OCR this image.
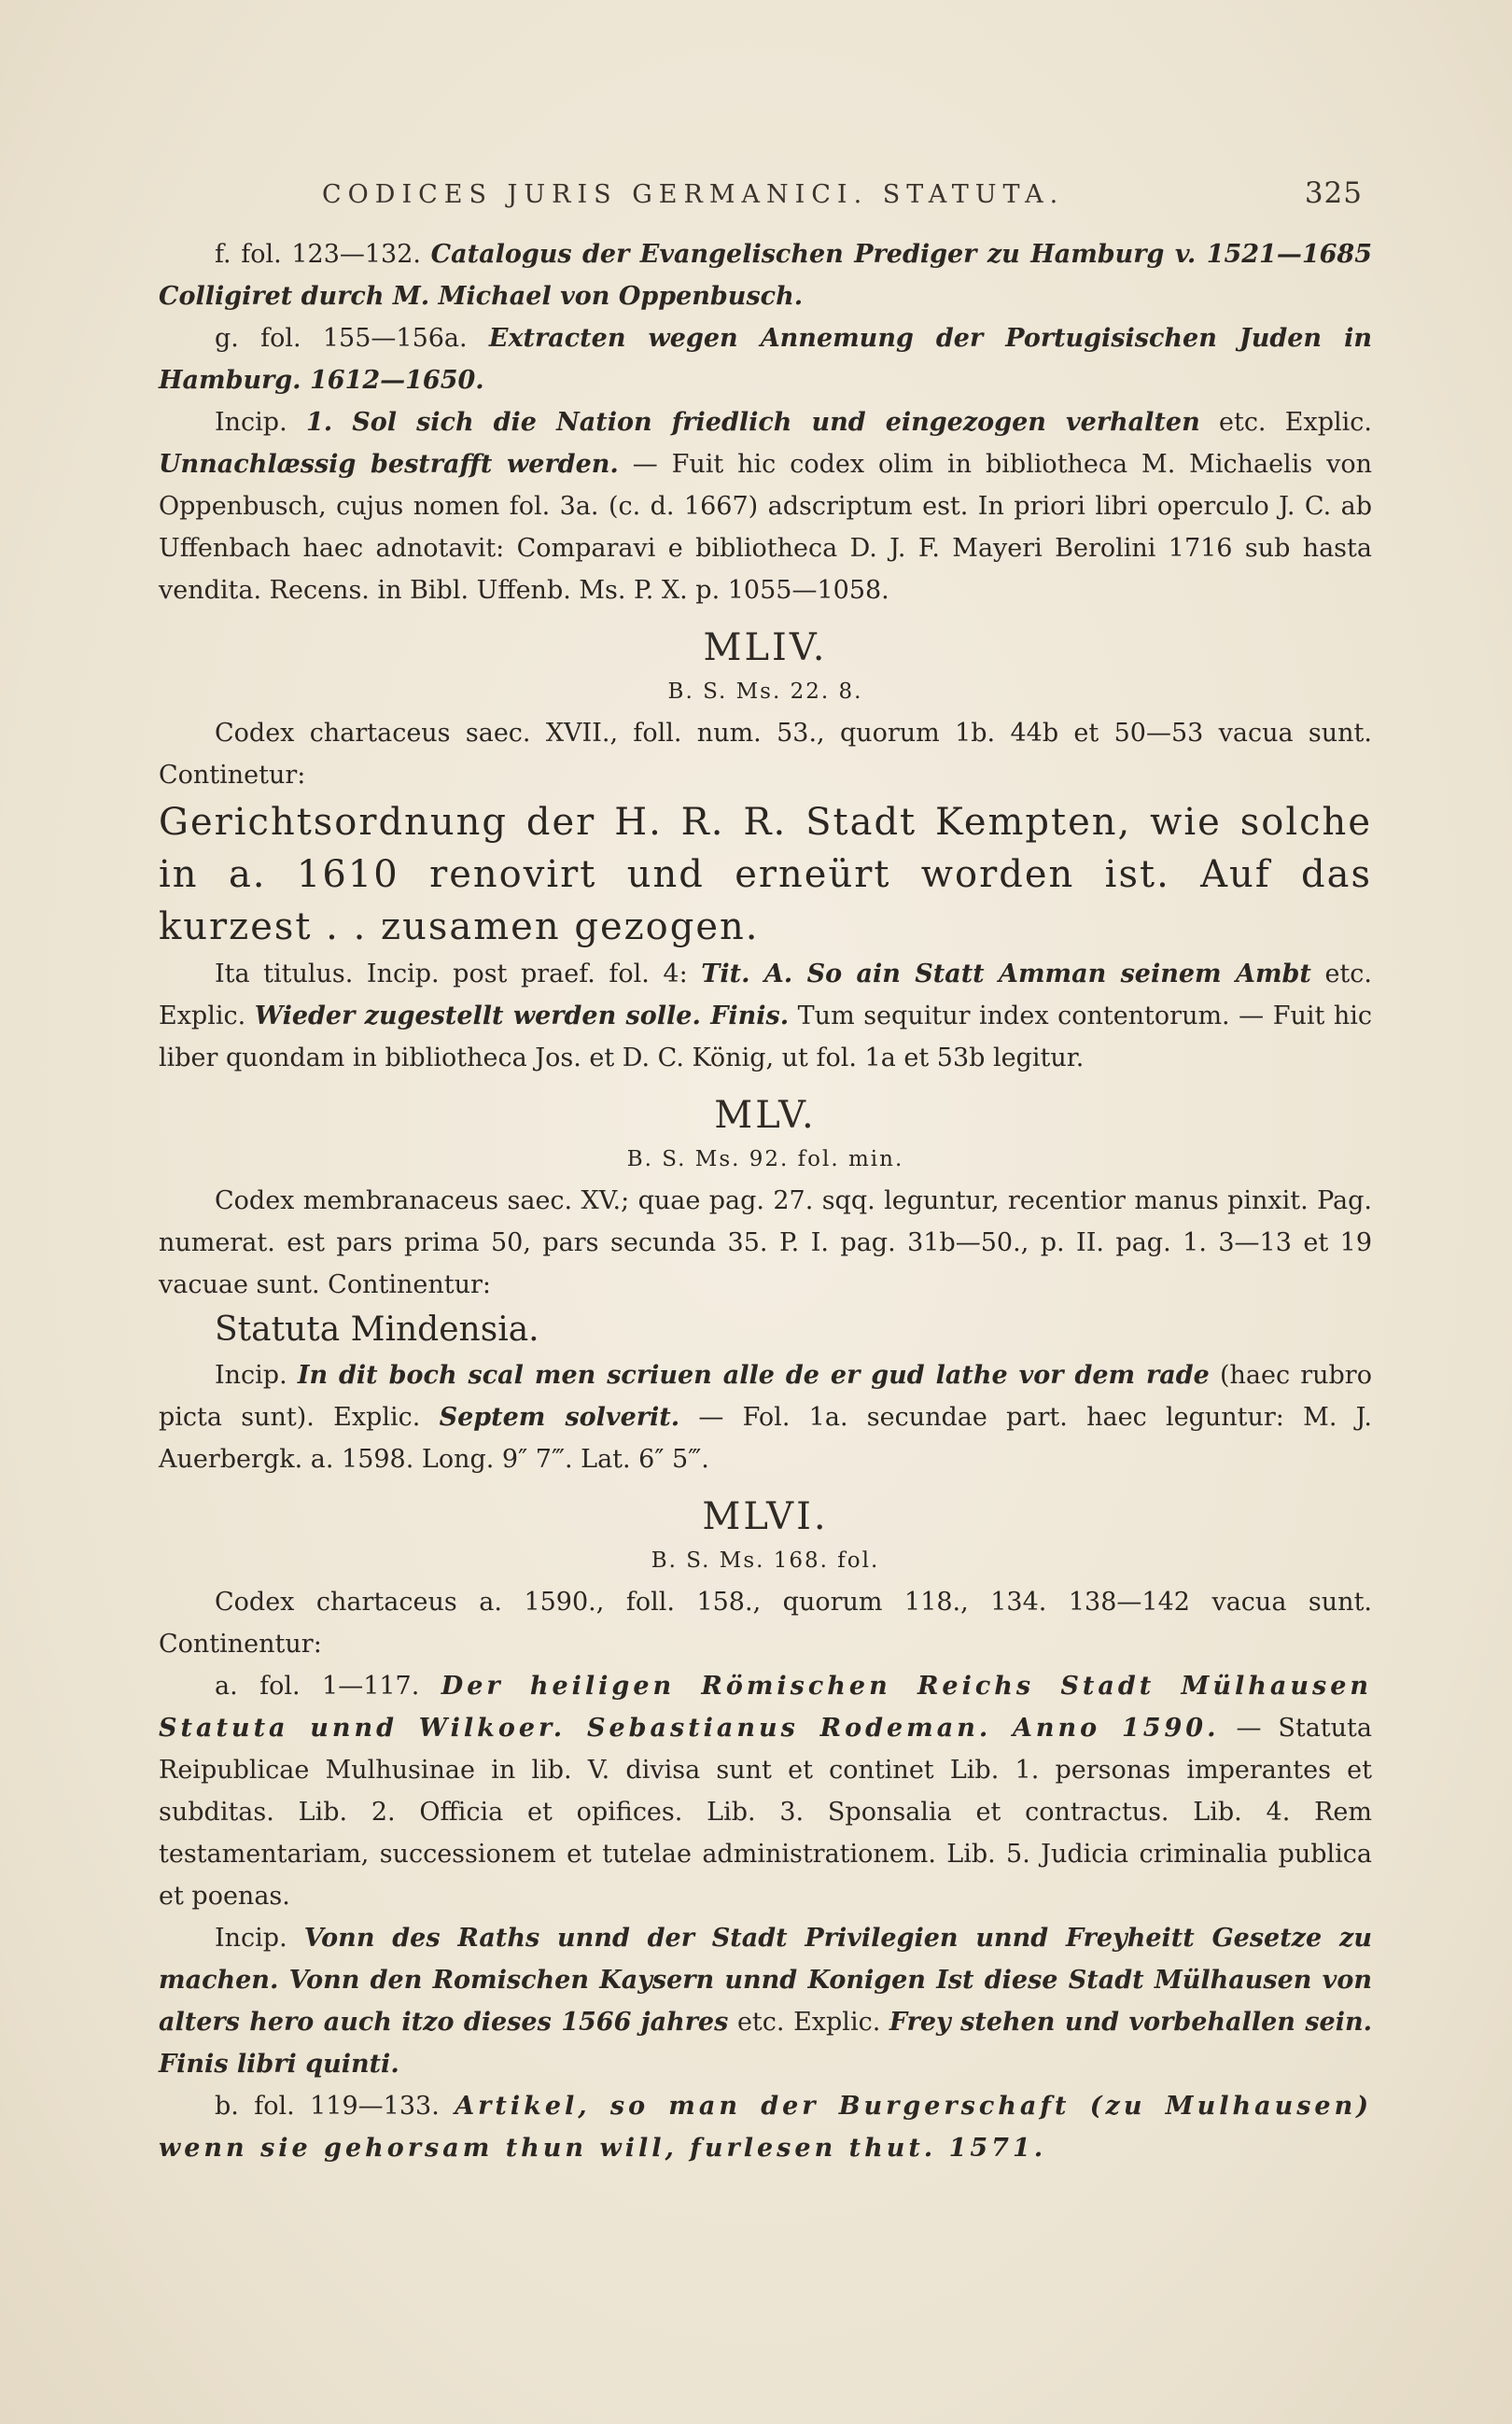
CODICES JURIS GERMANICI. STATUTA.	325

f. fol. 123—132. Catalogus der Evangelischen Prediger zu Hamburg v. 1521—1685 Colligiret durch M. Michael von Oppenbusch.

g. fol. 155—156a. Extracten wegen Annemung der Portugisischen Juden in Hamburg. 1612—1650.

Incip. 1. Sol sich die Nation friedlich und eingezogen verhalten etc. Explic. Unnachlæssig bestrafft werden. — Fuit hic codex olim in bibliotheca M. Michaelis von Oppenbusch, cujus nomen fol. 3a. (c. d. 1667) adscriptum est. In priori libri operculo J. C. ab Uffenbach haec adnotavit: Comparavi e bibliotheca D. J. F. Mayeri Berolini 1716 sub hasta vendita. Recens. in Bibl. Uffenb. Ms. P. X. p. 1055—1058.

MLIV.
B. S. Ms. 22. 8.

Codex chartaceus saec. XVII., foll. num. 53., quorum 1b. 44b et 50—53 vacua sunt. Continetur:

Gerichtsordnung der H. R. R. Stadt Kempten, wie solche in a. 1610 renovirt und erneürt worden ist. Auf das kurzest . . zusamen gezogen.

Ita titulus. Incip. post praef. fol. 4: Tit. A. So ain Statt Amman seinem Ambt etc. Explic. Wieder zugestellt werden solle. Finis. Tum sequitur index contentorum. — Fuit hic liber quondam in bibliotheca Jos. et D. C. König, ut fol. 1a et 53b legitur.

MLV.
B. S. Ms. 92. fol. min.

Codex membranaceus saec. XV.; quae pag. 27. sqq. leguntur, recentior manus pinxit. Pag. numerat. est pars prima 50, pars secunda 35. P. I. pag. 31b—50., p. II. pag. 1. 3—13 et 19 vacuae sunt. Continentur:

Statuta Mindensia.

Incip. In dit boch scal men scriuen alle de er gud lathe vor dem rade (haec rubro picta sunt). Explic. Septem solverit. — Fol. 1a. secundae part. haec leguntur: M. J. Auerbergk. a. 1598. Long. 9″ 7‴. Lat. 6″ 5‴.

MLVI.
B. S. Ms. 168. fol.

Codex chartaceus a. 1590., foll. 158., quorum 118., 134. 138—142 vacua sunt. Continentur:

a. fol. 1—117. Der heiligen Römischen Reichs Stadt Mülhausen Statuta unnd Wilkoer. Sebastianus Rodeman. Anno 1590. — Statuta Reipublicae Mulhusinae in lib. V. divisa sunt et continet Lib. 1. personas imperantes et subditas. Lib. 2. Officia et opifices. Lib. 3. Sponsalia et contractus. Lib. 4. Rem testamentariam, successionem et tutelae administrationem. Lib. 5. Judicia criminalia publica et poenas.

Incip. Vonn des Raths unnd der Stadt Privilegien unnd Freyheitt Gesetze zu machen. Vonn den Romischen Kaysern unnd Konigen Ist diese Stadt Mülhausen von alters hero auch itzo dieses 1566 jahres etc. Explic. Frey stehen und vorbehallen sein. Finis libri quinti.

b. fol. 119—133. Artikel, so man der Burgerschaft (zu Mulhausen) wenn sie gehorsam thun will, furlesen thut. 1571.
